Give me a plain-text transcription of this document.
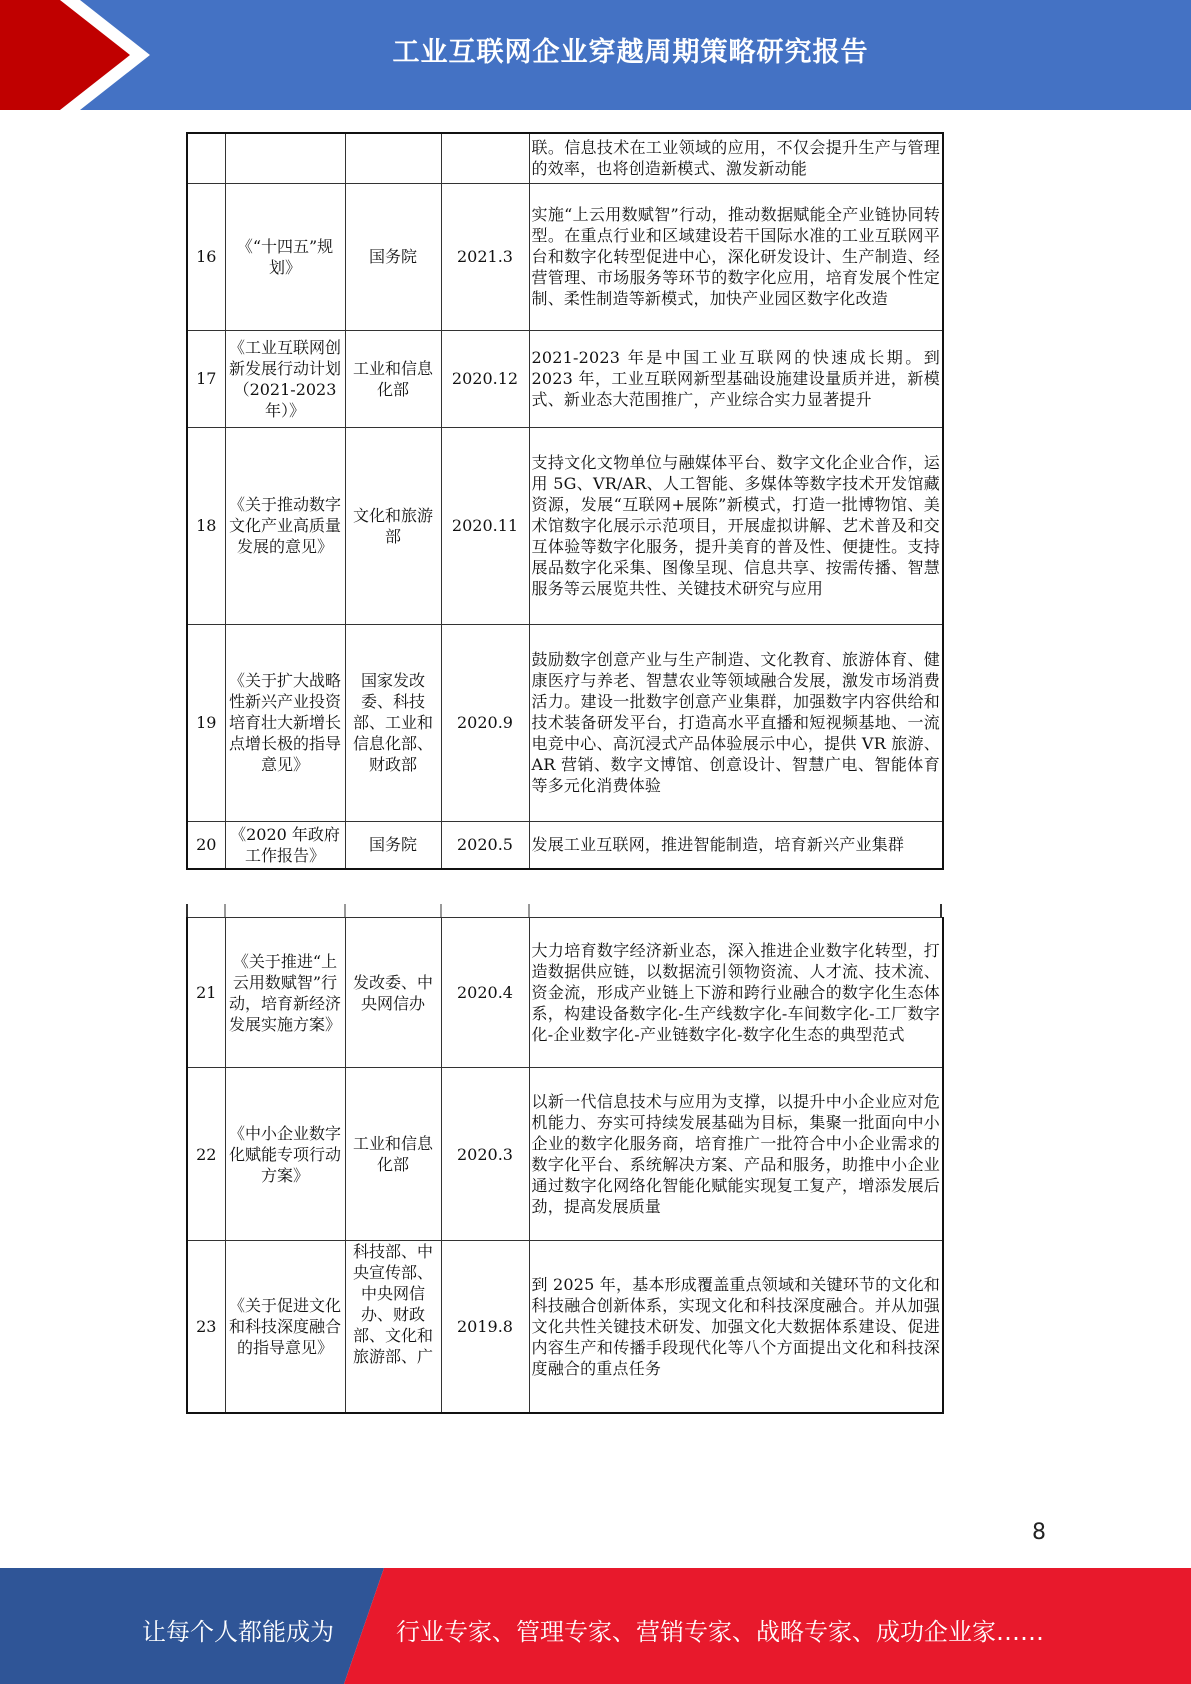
工业互联网企业穿越周期策略研究报告
				联。信息技术在工业领域的应用，不仅会提升生产与管理的效率，也将创造新模式、激发新动能
16	《“十四五”规划》	国务院	2021.3	实施“上云用数赋智”行动，推动数据赋能全产业链协同转型。在重点行业和区域建设若干国际水准的工业互联网平台和数字化转型促进中心，深化研发设计、生产制造、经营管理、市场服务等环节的数字化应用，培育发展个性定制、柔性制造等新模式，加快产业园区数字化改造
17	《工业互联网创新发展行动计划（2021-2023年）》	工业和信息化部	2020.12	2021-2023 年是中国工业互联网的快速成长期。到 2023 年，工业互联网新型基础设施建设量质并进，新模式、新业态大范围推广，产业综合实力显著提升
18	《关于推动数字文化产业高质量发展的意见》	文化和旅游部	2020.11	支持文化文物单位与融媒体平台、数字文化企业合作，运用 5G、VR/AR、人工智能、多媒体等数字技术开发馆藏资源，发展“互联网+展陈”新模式，打造一批博物馆、美术馆数字化展示示范项目，开展虚拟讲解、艺术普及和交互体验等数字化服务，提升美育的普及性、便捷性。支持展品数字化采集、图像呈现、信息共享、按需传播、智慧服务等云展览共性、关键技术研究与应用
19	《关于扩大战略性新兴产业投资培育壮大新增长点增长极的指导意见》	国家发改委、科技部、工业和信息化部、财政部	2020.9	鼓励数字创意产业与生产制造、文化教育、旅游体育、健康医疗与养老、智慧农业等领域融合发展，激发市场消费活力。建设一批数字创意产业集群，加强数字内容供给和技术装备研发平台，打造高水平直播和短视频基地、一流电竞中心、高沉浸式产品体验展示中心，提供 VR 旅游、AR 营销、数字文博馆、创意设计、智慧广电、智能体育等多元化消费体验
20	《2020 年政府工作报告》	国务院	2020.5	发展工业互联网，推进智能制造，培育新兴产业集群
21	《关于推进“上云用数赋智”行动，培育新经济发展实施方案》	发改委、中央网信办	2020.4	大力培育数字经济新业态，深入推进企业数字化转型，打造数据供应链，以数据流引领物资流、人才流、技术流、资金流，形成产业链上下游和跨行业融合的数字化生态体系，构建设备数字化-生产线数字化-车间数字化-工厂数字化-企业数字化-产业链数字化-数字化生态的典型范式
22	《中小企业数字化赋能专项行动方案》	工业和信息化部	2020.3	以新一代信息技术与应用为支撑，以提升中小企业应对危机能力、夯实可持续发展基础为目标，集聚一批面向中小企业的数字化服务商，培育推广一批符合中小企业需求的数字化平台、系统解决方案、产品和服务，助推中小企业通过数字化网络化智能化赋能实现复工复产，增添发展后劲，提高发展质量
23	《关于促进文化和科技深度融合的指导意见》	科技部、中央宣传部、中央网信办、财政部、文化和旅游部、广	2019.8	到 2025 年，基本形成覆盖重点领域和关键环节的文化和科技融合创新体系，实现文化和科技深度融合。并从加强文化共性关键技术研发、加强文化大数据体系建设、促进内容生产和传播手段现代化等八个方面提出文化和科技深度融合的重点任务
8
让每个人都能成为	行业专家、管理专家、营销专家、战略专家、成功企业家……
